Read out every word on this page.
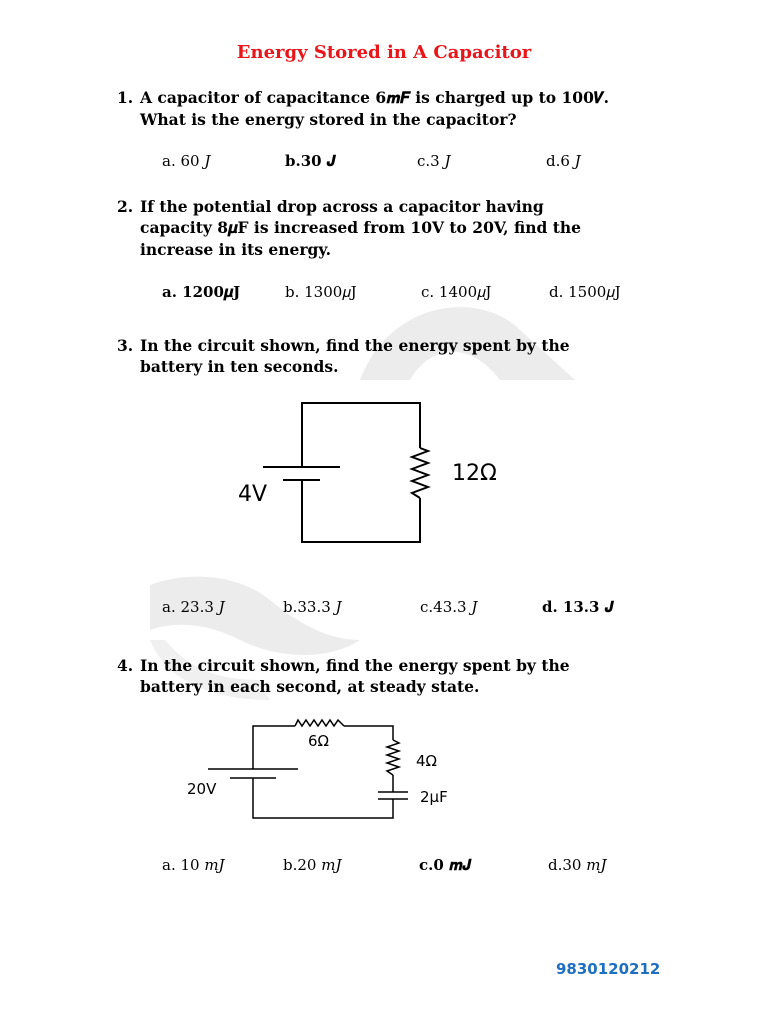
Energy Stored in A Capacitor
1. A capacitor of capacitance 6𝒎𝑭 is charged up to 100𝑽.
What is the energy stored in the capacitor?
a. 60 𝐽	b.30 𝑱	c.3 𝐽	d.6 𝐽
2. If the potential drop across a capacitor having
capacity 8𝝁F is increased from 10V to 20V, find the
increase in its energy.
a. 1200𝝁J	b. 1300𝜇J	c. 1400𝜇J	d. 1500𝜇J
3. In the circuit shown, find the energy spent by the
battery in ten seconds.
4V
12Ω
a. 23.3 𝐽	b.33.3 𝐽	c.43.3 𝐽	d. 13.3 𝑱
4. In the circuit shown, find the energy spent by the
battery in each second, at steady state.
20V
6Ω
4Ω
2μF
a. 10 𝑚𝐽	b.20 𝑚𝐽	c.0 𝒎𝑱	d.30 𝑚𝐽
9830120212
